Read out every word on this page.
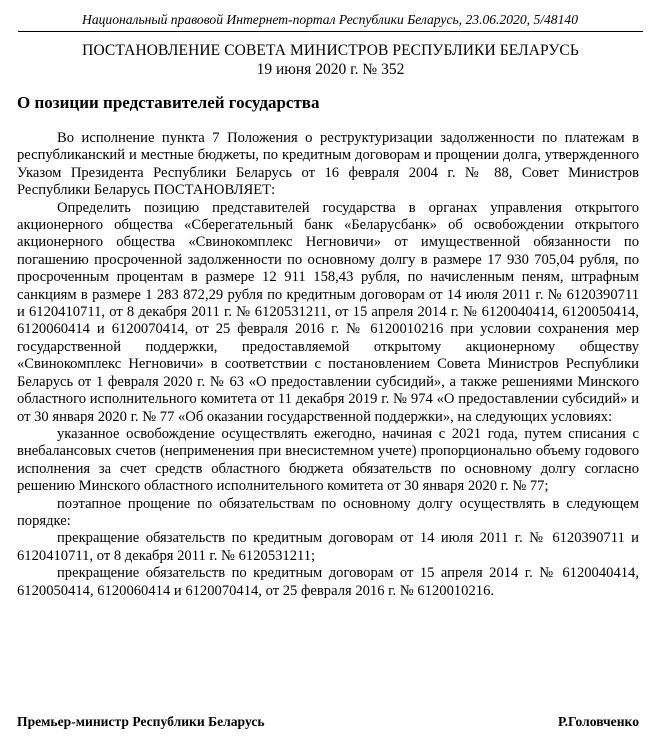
Национальный правовой Интернет-портал Республики Беларусь, 23.06.2020, 5/48140
ПОСТАНОВЛЕНИЕ СОВЕТА МИНИСТРОВ РЕСПУБЛИКИ БЕЛАРУСЬ
19 июня 2020 г. № 352
О позиции представителей государства

Во исполнение пункта 7 Положения о реструктуризации задолженности по платежам в республиканский и местные бюджеты, по кредитным договорам и прощении долга, утвержденного Указом Президента Республики Беларусь от 16 февраля 2004 г. № 88, Совет Министров Республики Беларусь ПОСТАНОВЛЯЕТ:

Определить позицию представителей государства в органах управления открытого акционерного общества «Сберегательный банк «Беларусбанк» об освобождении открытого акционерного общества «Свинокомплекс Негновичи» от имущественной обязанности по погашению просроченной задолженности по основному долгу в размере 17 930 705,04 рубля, по просроченным процентам в размере 12 911 158,43 рубля, по начисленным пеням, штрафным санкциям в размере 1 283 872,29 рубля по кредитным договорам от 14 июля 2011 г. № 6120390711 и 6120410711, от 8 декабря 2011 г. № 6120531211, от 15 апреля 2014 г. № 6120040414, 6120050414, 6120060414 и 6120070414, от 25 февраля 2016 г. № 6120010216 при условии сохранения мер государственной поддержки, предоставляемой открытому акционерному обществу «Свинокомплекс Негновичи» в соответствии с постановлением Совета Министров Республики Беларусь от 1 февраля 2020 г. № 63 «О предоставлении субсидий», а также решениями Минского областного исполнительного комитета от 11 декабря 2019 г. № 974 «О предоставлении субсидий» и от 30 января 2020 г. № 77 «Об оказании государственной поддержки», на следующих условиях:

указанное освобождение осуществлять ежегодно, начиная с 2021 года, путем списания с внебалансовых счетов (неприменения при внесистемном учете) пропорционально объему годового исполнения за счет средств областного бюджета обязательств по основному долгу согласно решению Минского областного исполнительного комитета от 30 января 2020 г. № 77;

поэтапное прощение по обязательствам по основному долгу осуществлять в следующем порядке:

прекращение обязательств по кредитным договорам от 14 июля 2011 г. № 6120390711 и 6120410711, от 8 декабря 2011 г. № 6120531211;

прекращение обязательств по кредитным договорам от 15 апреля 2014 г. № 6120040414, 6120050414, 6120060414 и 6120070414, от 25 февраля 2016 г. № 6120010216.

Премьер-министр Республики Беларусь	Р.Головченко
